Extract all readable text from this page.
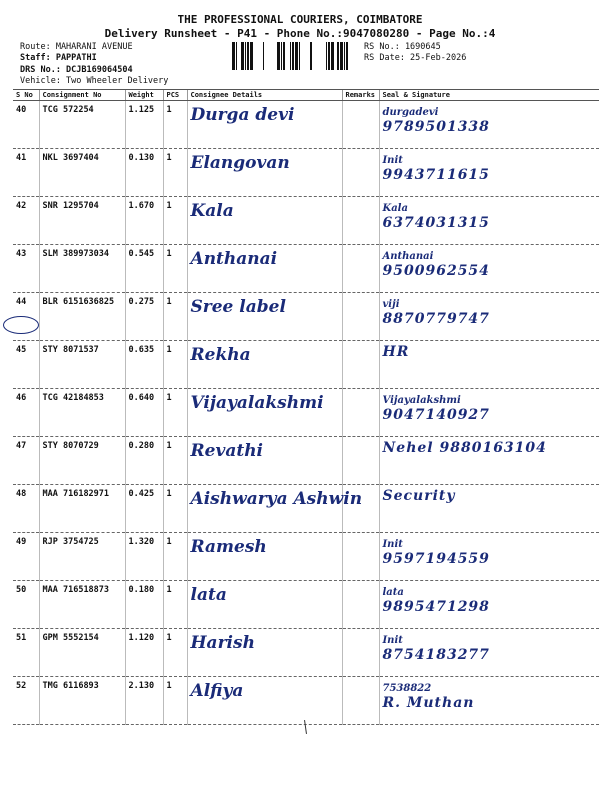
THE PROFESSIONAL COURIERS, COIMBATORE
Delivery Runsheet - P41 - Phone No.:9047080280 - Page No.:4
Route: MAHARANI AVENUE
Staff: PAPPATHI
DRS No.: DCJB169064504
Vehicle: Two Wheeler Delivery
RS No.: 1690645
RS Date: 25-Feb-2026
S No	Consignment No	Weight	PCS	Consignee Details	Remarks	Seal & Signature
40	TCG 572254	1.125	1	Durga devi		durgadevi
9789501338

41	NKL 3697404	0.130	1	Elangovan		Init
9943711615

42	SNR 1295704	1.670	1	Kala		Kala
6374031315

43	SLM 389973034	0.545	1	Anthanai		Anthanai
9500962554

44	BLR 6151636825	0.275	1	Sree label		viji
8870779747

45	STY 8071537	0.635	1	Rekha		HR

46	TCG 42184853	0.640	1	Vijayalakshmi		Vijayalakshmi
9047140927

47	STY 8070729	0.280	1	Revathi		Nehel 9880163104

48	MAA 716182971	0.425	1	Aishwarya Ashwin		Security

49	RJP 3754725	1.320	1	Ramesh		Init
9597194559

50	MAA 716518873	0.180	1	lata		lata
9895471298

51	GPM 5552154	1.120	1	Harish		Init
8754183277

52	TMG 6116893	2.130	1	Alfiya		7538822
R. Muthan
